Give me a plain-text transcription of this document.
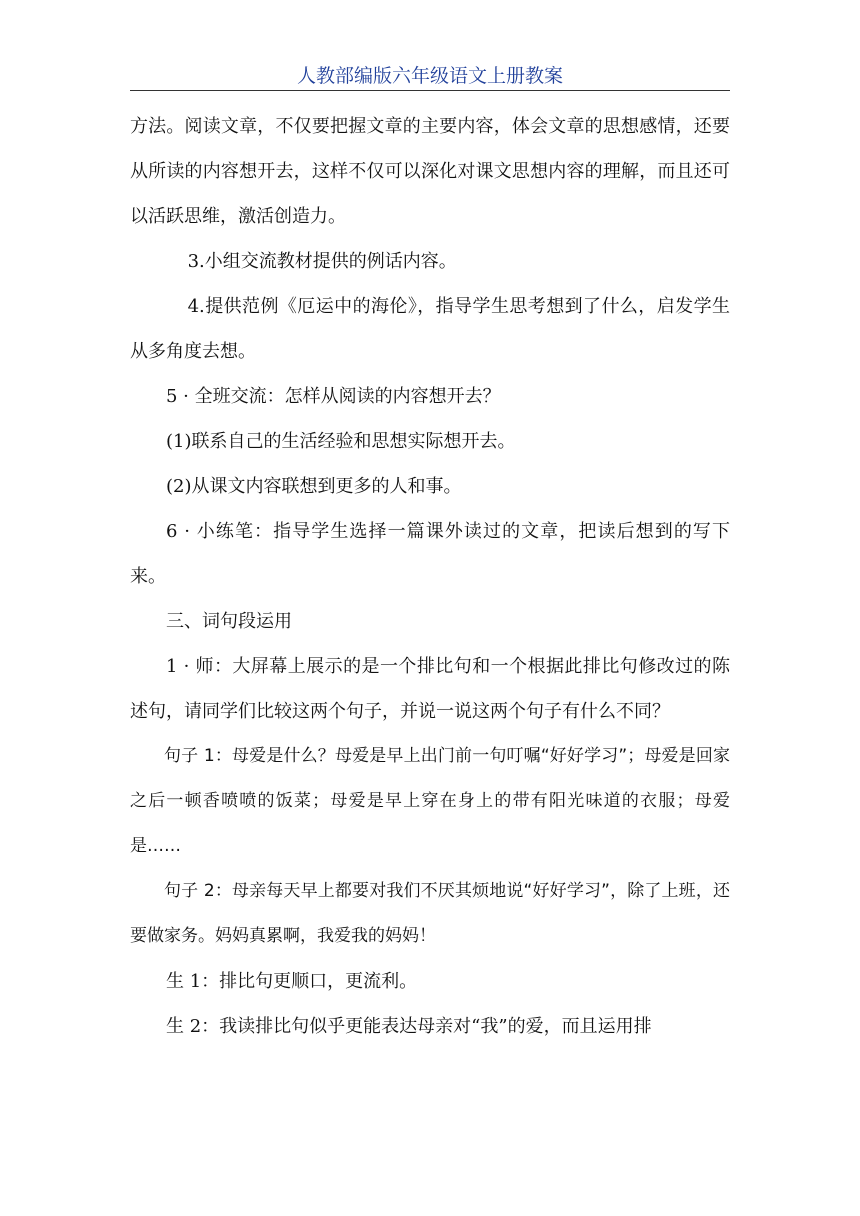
人教部编版六年级语文上册教案

方法。阅读文章，不仅要把握文章的主要内容，体会文章的思想感情，还要从所读的内容想开去，这样不仅可以深化对课文思想内容的理解，而且还可以活跃思维，激活创造力。

3.小组交流教材提供的例话内容。

4.提供范例《厄运中的海伦》，指导学生思考想到了什么，启发学生从多角度去想。

5 · 全班交流：怎样从阅读的内容想开去？

(1)联系自己的生活经验和思想实际想开去。

(2)从课文内容联想到更多的人和事。

6 · 小练笔：指导学生选择一篇课外读过的文章，把读后想到的写下来。

三、词句段运用

1 · 师：大屏幕上展示的是一个排比句和一个根据此排比句修改过的陈述句，请同学们比较这两个句子，并说一说这两个句子有什么不同？

句子 1：母爱是什么？母爱是早上出门前一句叮嘱“好好学习”；母爱是回家之后一顿香喷喷的饭菜；母爱是早上穿在身上的带有阳光味道的衣服；母爱是……

句子 2：母亲每天早上都要对我们不厌其烦地说“好好学习”，除了上班，还要做家务。妈妈真累啊，我爱我的妈妈！

生 1：排比句更顺口，更流利。

生 2：我读排比句似乎更能表达母亲对“我”的爱，而且运用排
